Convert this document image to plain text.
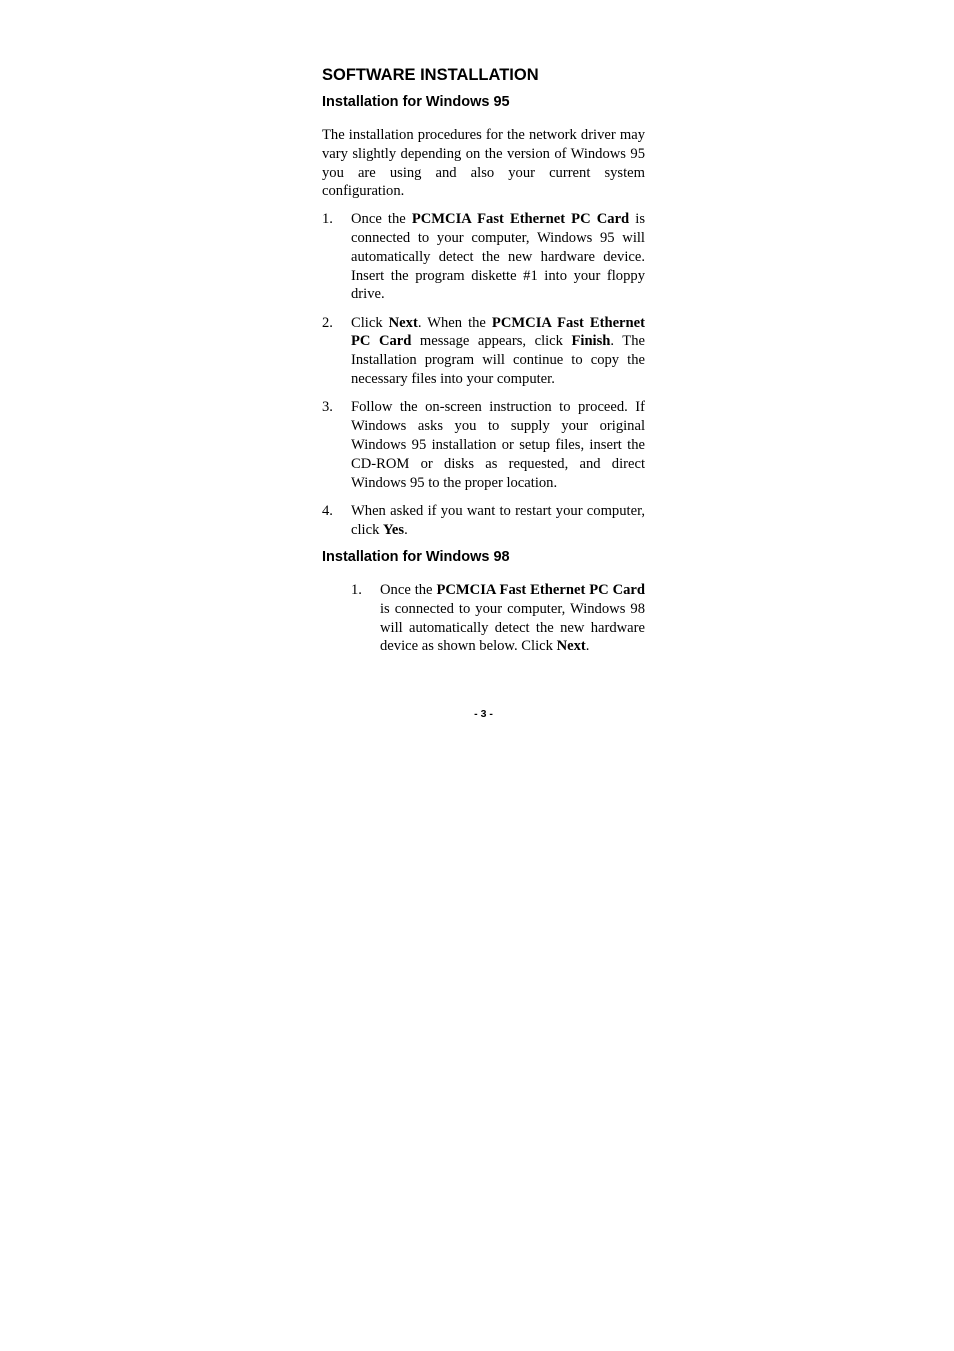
SOFTWARE INSTALLATION
Installation for Windows 95
The installation procedures for the network driver may vary slightly depending on the version of Windows 95 you are using and also your current system configuration.
1.	Once the PCMCIA Fast Ethernet PC Card is connected to your computer, Windows 95 will automatically detect the new hardware device. Insert the program diskette #1 into your floppy drive.
2.	Click Next. When the PCMCIA Fast Ethernet PC Card message appears, click Finish. The Installation program will continue to copy the necessary files into your computer.
3.	Follow the on-screen instruction to proceed. If Windows asks you to supply your original Windows 95 installation or setup files, insert the CD-ROM or disks as requested, and direct Windows 95 to the proper location.
4.	When asked if you want to restart your computer, click Yes.
Installation for Windows 98
1.	Once the PCMCIA Fast Ethernet PC Card is connected to your computer, Windows 98 will automatically detect the new hardware device as shown below. Click Next.
- 3 -
